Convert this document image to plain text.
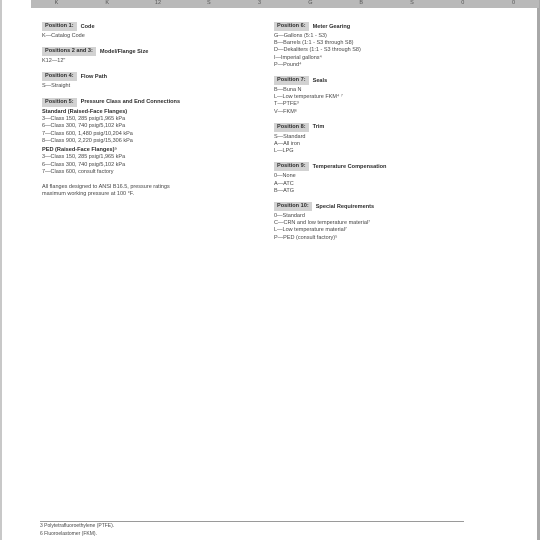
K	K	12	S	3	G	B	S	0	0
Position 1:	Code
K—Catalog Code
Positions 2 and 3:	Model/Flange Size
K12—12"
Position 4:	Flow Path
S—Straight
Position 5:	Pressure Class and End Connections
Standard (Raised-Face Flanges)
3—Class 150, 285 psig/1,965 kPa
6—Class 300, 740 psig/5,102 kPa
7—Class 600, 1,480 psig/10,204 kPa
8—Class 900, 2,220 psig/15,306 kPa
PED (Raised-Face Flanges)⁵
3—Class 150, 285 psig/1,965 kPa
6—Class 300, 740 psig/5,102 kPa
7—Class 600, consult factory
All flanges designed to ANSI B16.5, pressure ratings maximum working pressure at 100 °F.
Position 6:	Meter Gearing
G—Gallons (5:1 - S3)
B—Barrels (1:1 - S3 through S8)
D—Dekaliters (1:1 - S3 through S8)
I—Imperial gallons⁴
P—Pound⁴
Position 7:	Seals
B—Buna N
L—Low temperature FKM⁴ ⁷
T—PTFE³
V—FKM⁶
Position 8:	Trim
S—Standard
A—All iron
L—LPG
Position 9:	Temperature Compensation
0—None
A—ATC
B—ATG
Position 10:	Special Requirements
0—Standard
C—CRN and low temperature material⁷
L—Low temperature material⁷
P—PED (consult factory)⁵
3 Polytetrafluoroethylene (PTFE).
6 Fluoroelastomer (FKM).
